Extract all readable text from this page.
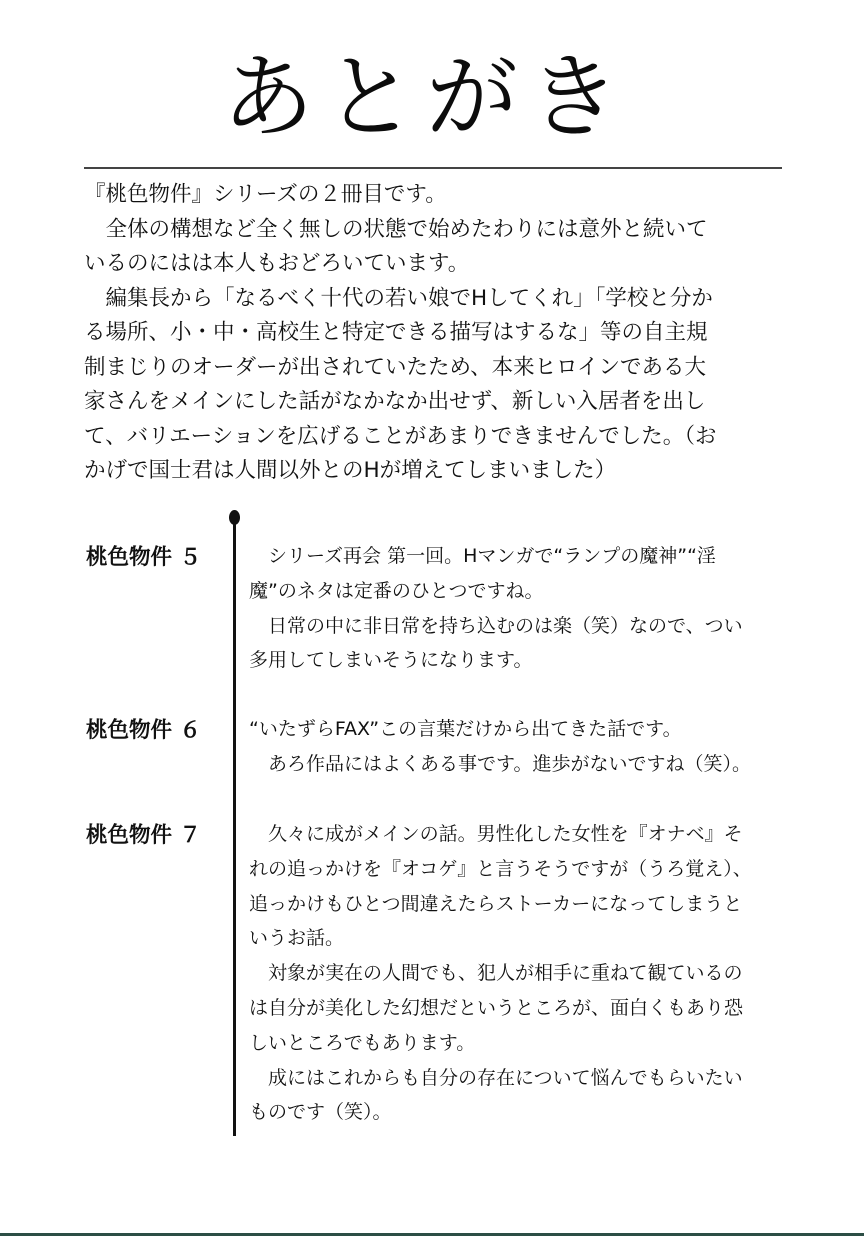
あとがき

『桃色物件』シリーズの２冊目です。

　全体の構想など全く無しの状態で始めたわりには意外と続いて

いるのにはは本人もおどろいています。

　編集長から「なるべく十代の若い娘でHしてくれ」「学校と分か

る場所、小・中・高校生と特定できる描写はするな」等の自主規

制まじりのオーダーが出されていたため、本来ヒロインである大

家さんをメインにした話がなかなか出せず、新しい入居者を出し

て、バリエーションを広げることがあまりできませんでした。（お

かげで国士君は人間以外とのHが増えてしまいました）

桃色物件 ５	　シリーズ再会 第一回。Hマンガで“ランプの魔神”“淫

魔”のネタは定番のひとつですね。

　日常の中に非日常を持ち込むのは楽（笑）なので、つい

多用してしまいそうになります。

桃色物件 ６	“いたずらFAX”この言葉だけから出てきた話です。

　あろ作品にはよくある事です。進歩がないですね（笑）。

桃色物件 ７	　久々に成がメインの話。男性化した女性を『オナベ』そ

れの追っかけを『オコゲ』と言うそうですが（うろ覚え）、

追っかけもひとつ間違えたらストーカーになってしまうと

いうお話。

　対象が実在の人間でも、犯人が相手に重ねて観ているの

は自分が美化した幻想だというところが、面白くもあり恐

しいところでもあります。

　成にはこれからも自分の存在について悩んでもらいたい

ものです（笑）。
